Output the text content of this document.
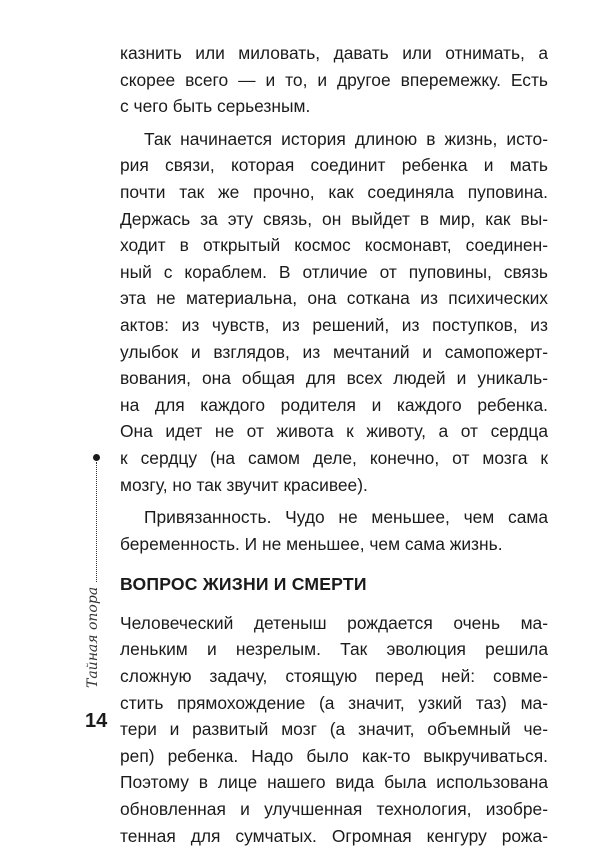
Тайная опора
14
казнить или миловать, давать или отнимать, а
скорее всего — и то, и другое вперемежку. Есть
с чего быть серьезным.
Так начинается история длиною в жизнь, исто-
рия связи, которая соединит ребенка и мать
почти так же прочно, как соединяла пуповина.
Держась за эту связь, он выйдет в мир, как вы-
ходит в открытый космос космонавт, соединен-
ный с кораблем. В отличие от пуповины, связь
эта не материальна, она соткана из психических
актов: из чувств, из решений, из поступков, из
улыбок и взглядов, из мечтаний и самопожерт-
вования, она общая для всех людей и уникаль-
на для каждого родителя и каждого ребенка.
Она идет не от живота к животу, а от сердца
к сердцу (на самом деле, конечно, от мозга к
мозгу, но так звучит красивее).
Привязанность. Чудо не меньшее, чем сама
беременность. И не меньшее, чем сама жизнь.
ВОПРОС ЖИЗНИ И СМЕРТИ
Человеческий детеныш рождается очень ма-
леньким и незрелым. Так эволюция решила
сложную задачу, стоящую перед ней: совме-
стить прямохождение (а значит, узкий таз) ма-
тери и развитый мозг (а значит, объемный че-
реп) ребенка. Надо было как-то выкручиваться.
Поэтому в лице нашего вида была использована
обновленная и улучшенная технология, изобре-
тенная для сумчатых. Огромная кенгуру рожа-
